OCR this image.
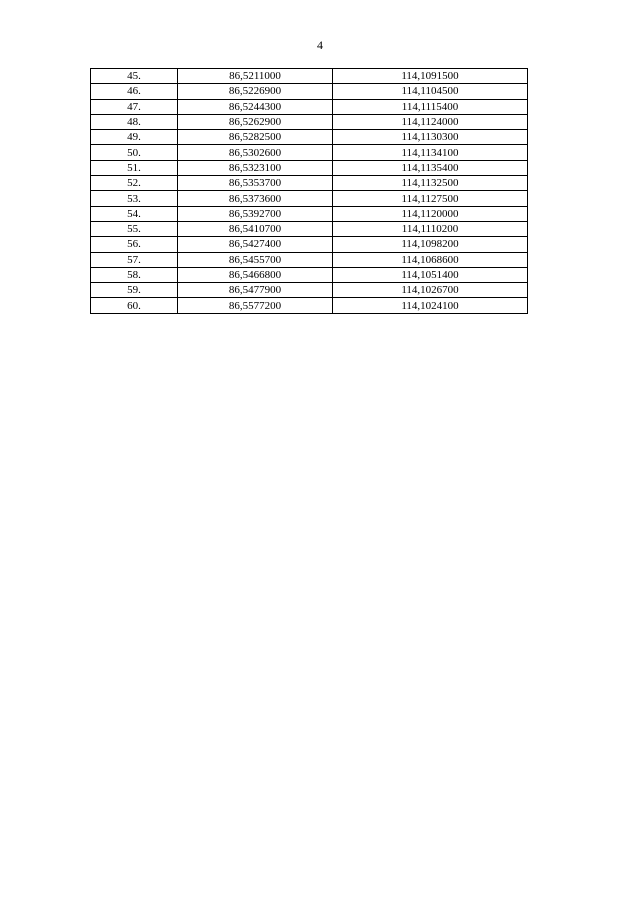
4
45.	86,5211000	114,1091500
46.	86,5226900	114,1104500
47.	86,5244300	114,1115400
48.	86,5262900	114,1124000
49.	86,5282500	114,1130300
50.	86,5302600	114,1134100
51.	86,5323100	114,1135400
52.	86,5353700	114,1132500
53.	86,5373600	114,1127500
54.	86,5392700	114,1120000
55.	86,5410700	114,1110200
56.	86,5427400	114,1098200
57.	86,5455700	114,1068600
58.	86,5466800	114,1051400
59.	86,5477900	114,1026700
60.	86,5577200	114,1024100
